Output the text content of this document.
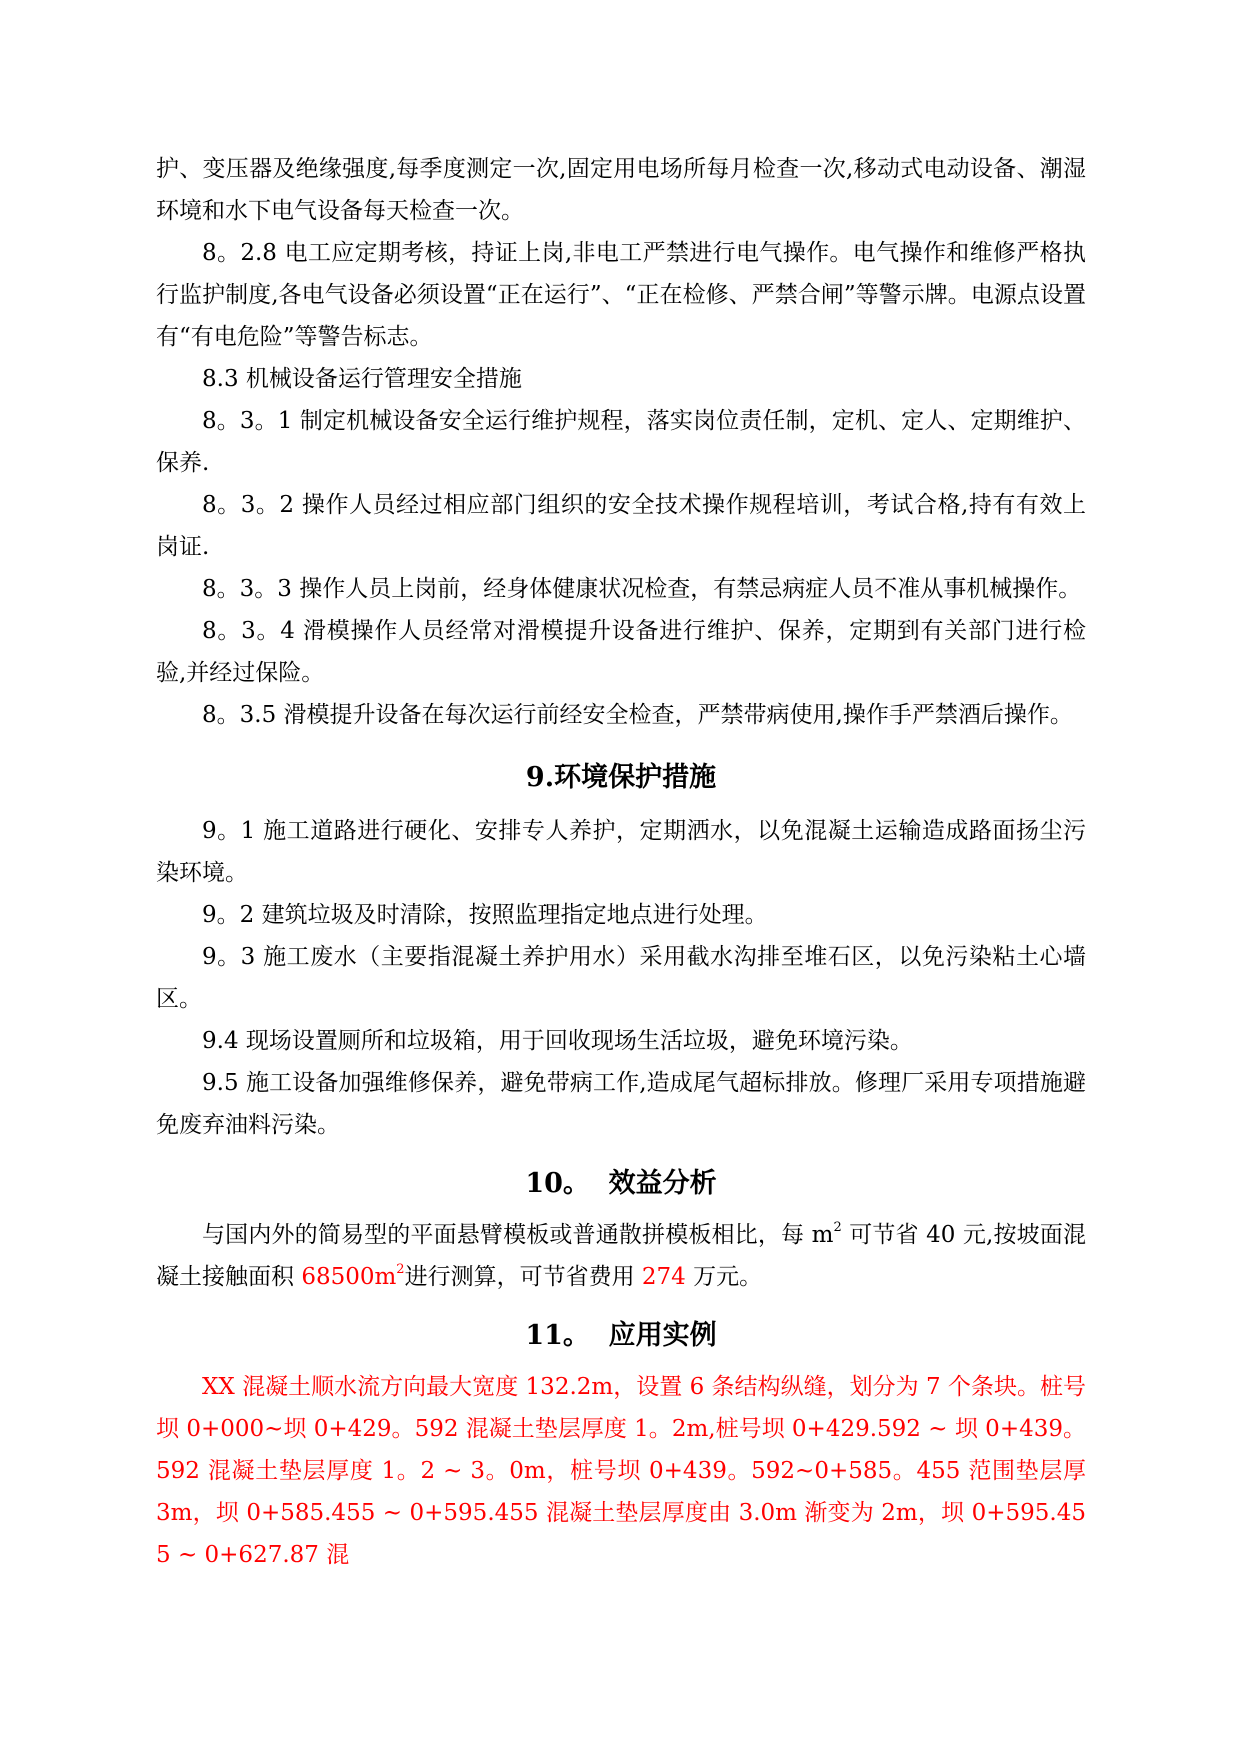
护、变压器及绝缘强度,每季度测定一次,固定用电场所每月检查一次,移动式电动设备、潮湿环境和水下电气设备每天检查一次。

8。2.8 电工应定期考核，持证上岗,非电工严禁进行电气操作。电气操作和维修严格执行监护制度,各电气设备必须设置“正在运行”、“正在检修、严禁合闸”等警示牌。电源点设置有“有电危险”等警告标志。

8.3 机械设备运行管理安全措施

8。3。1 制定机械设备安全运行维护规程，落实岗位责任制，定机、定人、定期维护、保养.

8。3。2 操作人员经过相应部门组织的安全技术操作规程培训，考试合格,持有有效上岗证.

8。3。3 操作人员上岗前，经身体健康状况检查，有禁忌病症人员不准从事机械操作。

8。3。4 滑模操作人员经常对滑模提升设备进行维护、保养，定期到有关部门进行检验,并经过保险。

8。3.5 滑模提升设备在每次运行前经安全检查，严禁带病使用,操作手严禁酒后操作。

9.环境保护措施

9。1 施工道路进行硬化、安排专人养护，定期洒水，以免混凝土运输造成路面扬尘污染环境。

9。2 建筑垃圾及时清除，按照监理指定地点进行处理。

9。3 施工废水（主要指混凝土养护用水）采用截水沟排至堆石区，以免污染粘土心墙区。

9.4 现场设置厕所和垃圾箱，用于回收现场生活垃圾，避免环境污染。

9.5 施工设备加强维修保养，避免带病工作,造成尾气超标排放。修理厂采用专项措施避免废弃油料污染。

10。  效益分析

与国内外的简易型的平面悬臂模板或普通散拼模板相比，每 $m^2$ 可节省 40 元,按坡面混凝土接触面积 $68500m^2$进行测算，可节省费用 274 万元。

11。  应用实例

XX 混凝土顺水流方向最大宽度 132.2m，设置 6 条结构纵缝，划分为 7 个条块。桩号坝 0+000~坝 0+429。592 混凝土垫层厚度 1。2m,桩号坝 0+429.592 ~ 坝 0+439。592 混凝土垫层厚度 1。2 ~ 3。0m，桩号坝 0+439。592~0+585。455 范围垫层厚 3m，坝 0+585.455 ~ 0+595.455 混凝土垫层厚度由 3.0m 渐变为 2m，坝 0+595.455 ~ 0+627.87 混
